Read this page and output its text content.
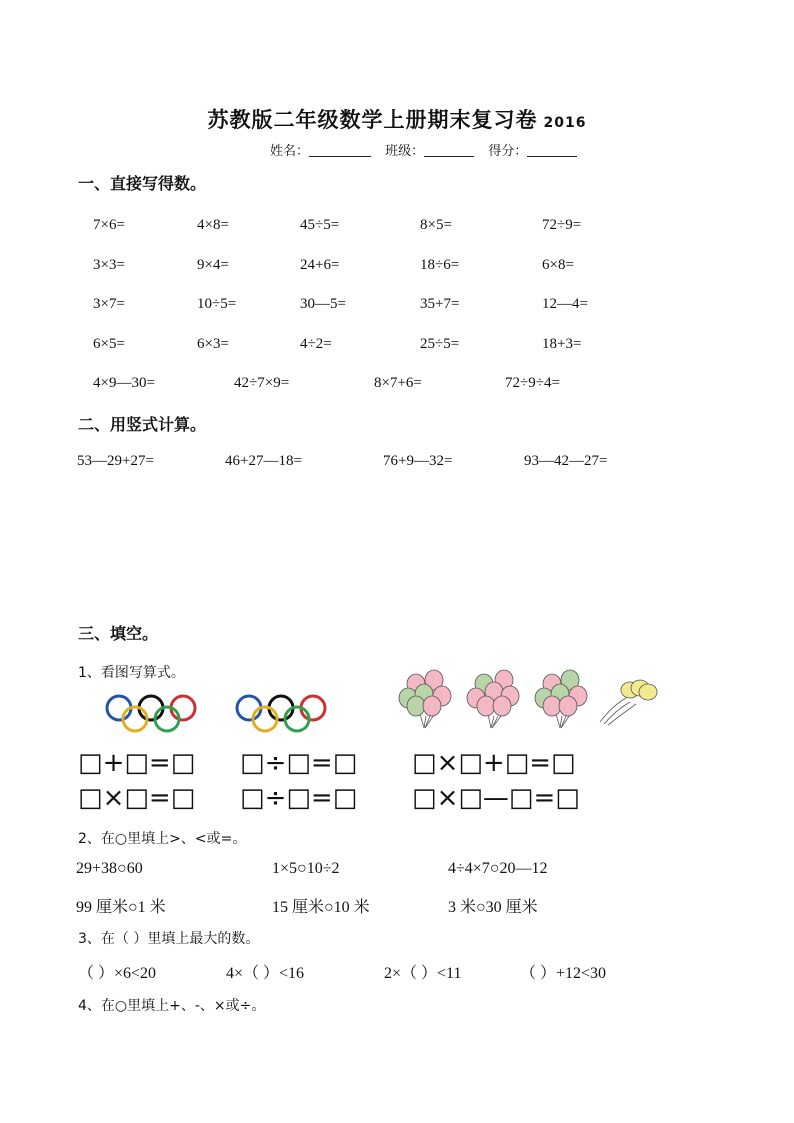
苏教版二年级数学上册期末复习卷 2016
姓名：	班级：	得分：
一、直接写得数。
7×6=	4×8=	45÷5=	8×5=	72÷9=
3×3=	9×4=	24+6=	18÷6=	6×8=
3×7=	10÷5=	30—5=	35+7=	12—4=
6×5=	6×3=	4÷2=	25÷5=	18+3=
4×9—30=	42÷7×9=	8×7+6=	72÷9÷4=
二、用竖式计算。
53—29+27=	46+27—18=	76+9—32=	93—42—27=
三、填空。
1、看图写算式。
□+□=□ □÷□=□ □×□+□=□
□×□=□ □÷□=□ □×□—□=□
2、在○里填上>、<或=。
29+38○60	1×5○10÷2	4÷4×7○20—12
99 厘米○1 米	15 厘米○10 米	3 米○30 厘米
3、在（ ）里填上最大的数。
（ ）×6<20	4×（ ）<16	2×（ ）<11	（ ）+12<30
4、在○里填上+、-、×或÷。
